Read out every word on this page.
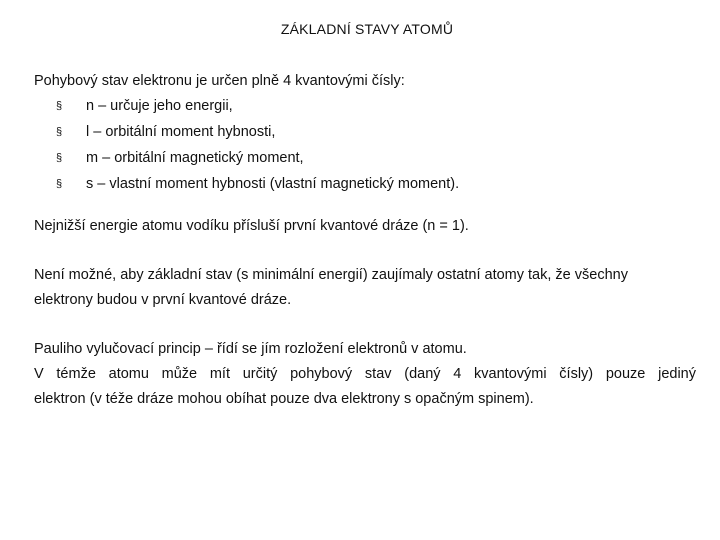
ZÁKLADNÍ STAVY ATOMŮ

Pohybový stav elektronu je určen plně 4 kvantovými čísly:

§ n – určuje jeho energii,
§ l – orbitální moment hybnosti,
§ m – orbitální magnetický moment,
§ s – vlastní moment hybnosti (vlastní magnetický moment).

Nejnižší energie atomu vodíku přísluší první kvantové dráze (n = 1).

Není možné, aby základní stav (s minimální energií) zaujímaly ostatní atomy tak, že všechny
elektrony budou v první kvantové dráze.
Pauliho vylučovací princip – řídí se jím rozložení elektronů v atomu.
V témže atomu může mít určitý pohybový stav (daný 4 kvantovými čísly) pouze jediný
elektron (v téže dráze mohou obíhat pouze dva elektrony s opačným spinem).
